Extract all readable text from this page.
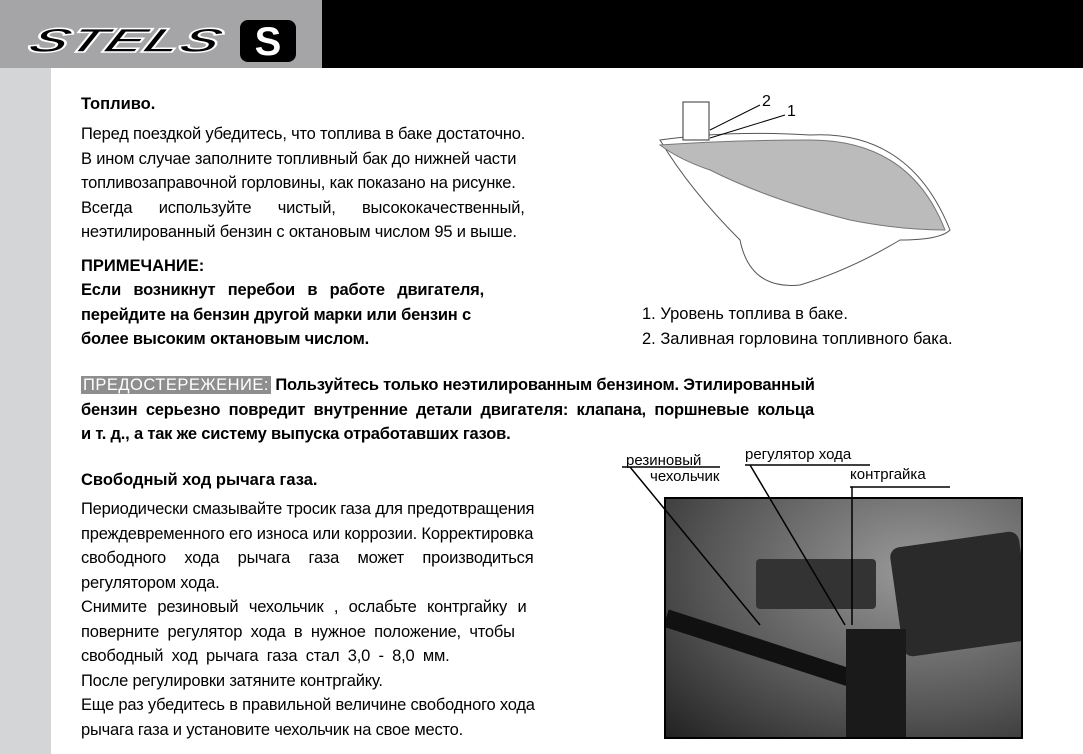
STELS	S
Топливо.
Перед поездкой убедитесь, что топлива в баке достаточно.
В ином случае заполните топливный бак до нижней части
топливозаправочной горловины, как показано на рисунке.
Всегда используйте чистый, высококачественный,
неэтилированный бензин с октановым числом 95 и выше.
ПРИМЕЧАНИЕ:
Если возникнут перебои в работе двигателя,
перейдите на бензин другой марки или бензин с
более высоким октановым числом.
2
1
1. Уровень топлива в баке.
2. Заливная горловина топливного бака.
ПРЕДОСТЕРЕЖЕНИЕ: Пользуйтесь только неэтилированным бензином. Этилированный
бензин серьезно повредит внутренние детали двигателя: клапана, поршневые кольца
и т. д., а так же систему выпуска отработавших газов.
Свободный ход рычага газа.
Периодически смазывайте тросик газа для предотвращения
преждевременного его износа или коррозии. Корректировка
свободного хода рычага газа может производиться
регулятором хода.
Снимите резиновый чехольчик , ослабьте контргайку и
поверните регулятор ходa в нужное положение, чтобы
свободный ход рычага газа стал 3,0 - 8,0 мм.
После регулировки затяните контргайку.
Еще раз убедитесь в правильной величине свободного хода
рычага газа и установите чехольчик на свое место.
резиновый
чехольчик
регулятор хода
контргайка
